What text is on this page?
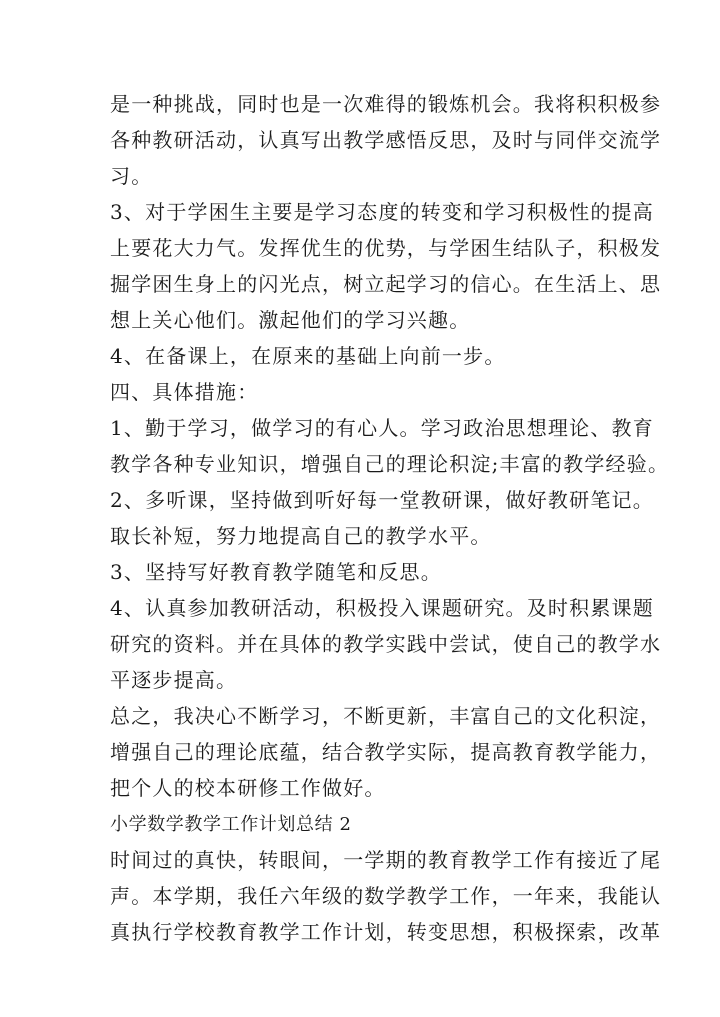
是一种挑战，同时也是一次难得的锻炼机会。我将积积极参
各种教研活动，认真写出教学感悟反思，及时与同伴交流学
习。
3、对于学困生主要是学习态度的转变和学习积极性的提高
上要花大力气。发挥优生的优势，与学困生结队子，积极发
掘学困生身上的闪光点，树立起学习的信心。在生活上、思
想上关心他们。激起他们的学习兴趣。
4、在备课上，在原来的基础上向前一步。
四、具体措施：
1、勤于学习，做学习的有心人。学习政治思想理论、教育
教学各种专业知识，增强自己的理论积淀;丰富的教学经验。
2、多听课，坚持做到听好每一堂教研课，做好教研笔记。
取长补短，努力地提高自己的教学水平。
3、坚持写好教育教学随笔和反思。
4、认真参加教研活动，积极投入课题研究。及时积累课题
研究的资料。并在具体的教学实践中尝试，使自己的教学水
平逐步提高。
总之，我决心不断学习，不断更新，丰富自己的文化积淀，
增强自己的理论底蕴，结合教学实际，提高教育教学能力，
把个人的校本研修工作做好。
小学数学教学工作计划总结 2
时间过的真快，转眼间，一学期的教育教学工作有接近了尾
声。本学期，我任六年级的数学教学工作，一年来，我能认
真执行学校教育教学工作计划，转变思想，积极探索，改革
